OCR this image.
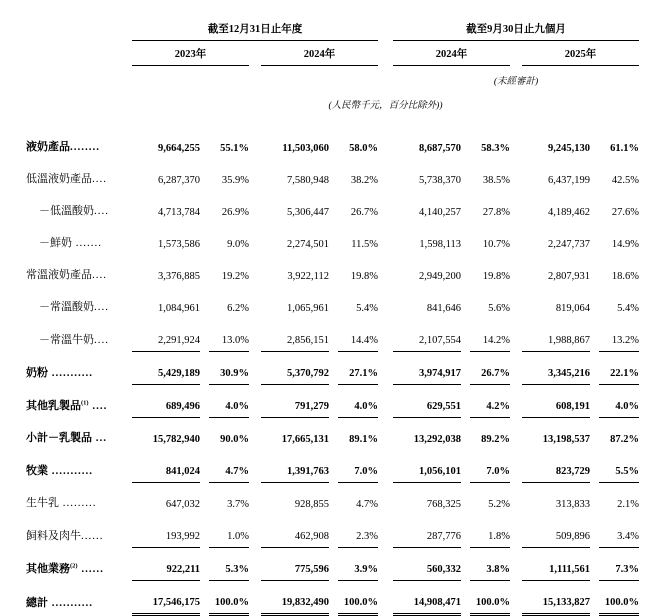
		截至12月31日止年度								截至9月30日止九個月						
		2023年				2024年				2024年				2025年		
										(未經審計)						
		(人民幣千元，百分比除外))														

液奶產品........		9,664,255		55.1%		11,503,060		58.0%		8,687,570		58.3%		9,245,130		61.1%
低溫液奶產品....		6,287,370		35.9%		7,580,948		38.2%		5,738,370		38.5%		6,437,199		42.5%
－低溫酸奶....		4,713,784		26.9%		5,306,447		26.7%		4,140,257		27.8%		4,189,462		27.6%
－鮮奶 .......		1,573,586		9.0%		2,274,501		11.5%		1,598,113		10.7%		2,247,737		14.9%
常溫液奶產品....		3,376,885		19.2%		3,922,112		19.8%		2,949,200		19.8%		2,807,931		18.6%
－常溫酸奶....		1,084,961		6.2%		1,065,961		5.4%		841,646		5.6%		819,064		5.4%
－常溫牛奶....		2,291,924		13.0%		2,856,151		14.4%		2,107,554		14.2%		1,988,867		13.2%
奶粉 ...........		5,429,189		30.9%		5,370,792		27.1%		3,974,917		26.7%		3,345,216		22.1%
其他乳製品$^{(1)}$ ....		689,496		4.0%		791,279		4.0%		629,551		4.2%		608,191		4.0%
小計－乳製品 ...		15,782,940		90.0%		17,665,131		89.1%		13,292,038		89.2%		13,198,537		87.2%
牧業 ...........		841,024		4.7%		1,391,763		7.0%		1,056,101		7.0%		823,729		5.5%
生牛乳 .........		647,032		3.7%		928,855		4.7%		768,325		5.2%		313,833		2.1%
飼料及肉牛......		193,992		1.0%		462,908		2.3%		287,776		1.8%		509,896		3.4%
其他業務$^{(2)}$ ......		922,211		5.3%		775,596		3.9%		560,332		3.8%		1,111,561		7.3%
總計 ...........		17,546,175		100.0%		19,832,490		100.0%		14,908,471		100.0%		15,133,827		100.0%
